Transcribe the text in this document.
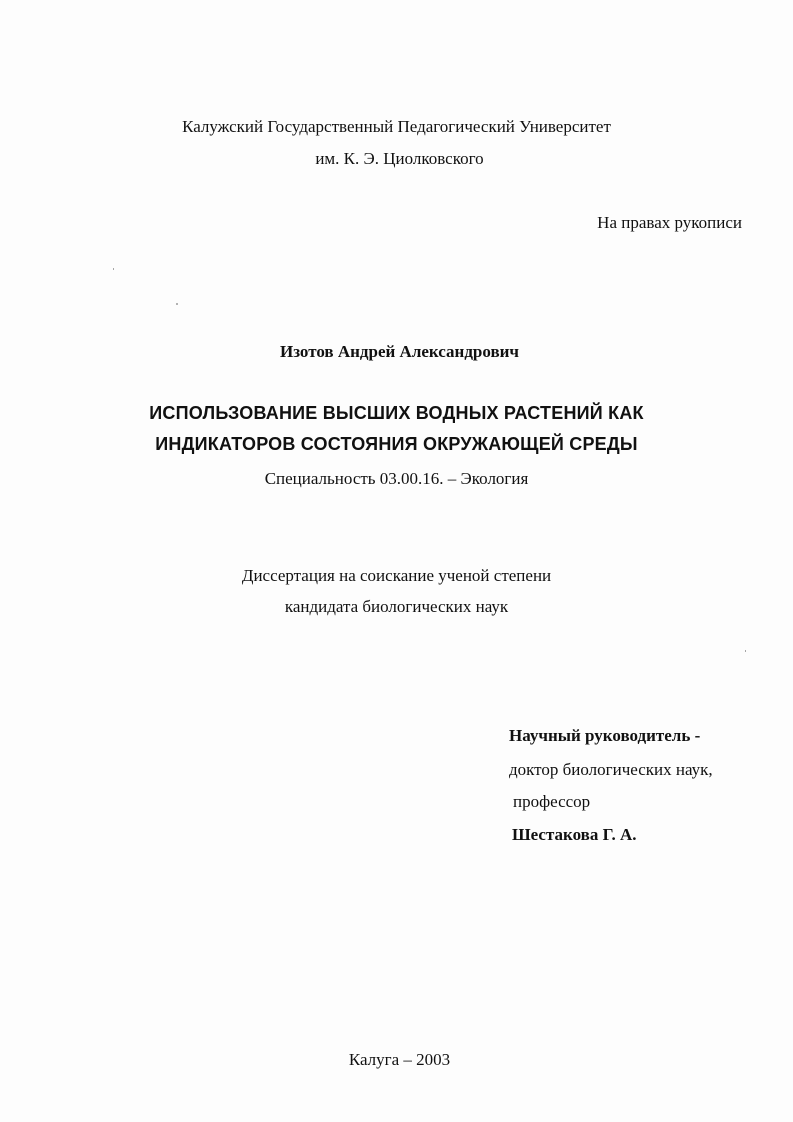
Калужский Государственный Педагогический Университет
им. К. Э. Циолковского
На правах рукописи
Изотов Андрей Александрович
ИСПОЛЬЗОВАНИЕ ВЫСШИХ ВОДНЫХ РАСТЕНИЙ КАК
ИНДИКАТОРОВ СОСТОЯНИЯ ОКРУЖАЮЩЕЙ СРЕДЫ
Специальность 03.00.16. – Экология
Диссертация на соискание ученой степени
кандидата биологических наук
Научный руководитель -
доктор биологических наук,
профессор
Шестакова Г. А.
Калуга – 2003
